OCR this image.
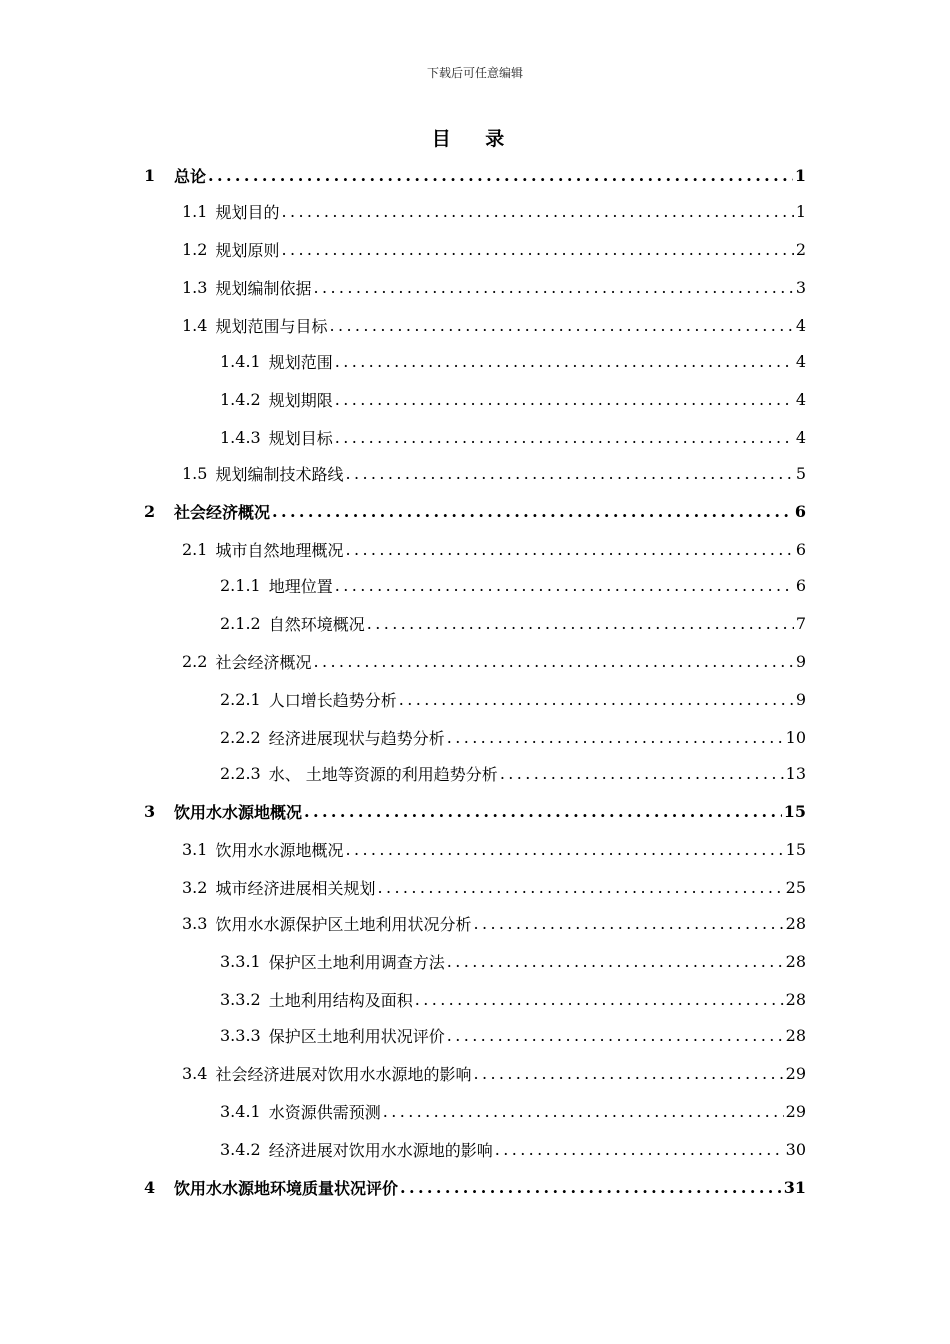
下载后可任意编辑
目 录
1	总论 .....	1
1.1 规划目的 .....	1
1.2 规划原则 .....	2
1.3 规划编制依据 .....	3
1.4 规划范围与目标 .....	4
1.4.1 规划范围 .....	4
1.4.2 规划期限 .....	4
1.4.3 规划目标 .....	4
1.5 规划编制技术路线 .....	5
2	社会经济概况 .....	6
2.1 城市自然地理概况 .....	6
2.1.1 地理位置 .....	6
2.1.2 自然环境概况 .....	7
2.2 社会经济概况 .....	9
2.2.1 人口增长趋势分析 .....	9
2.2.2 经济进展现状与趋势分析 .....	10
2.2.3 水、 土地等资源的利用趋势分析 .....	13
3	饮用水水源地概况 .....	15
3.1 饮用水水源地概况 .....	15
3.2 城市经济进展相关规划 .....	25
3.3 饮用水水源保护区土地利用状况分析 .....	28
3.3.1 保护区土地利用调查方法 .....	28
3.3.2 土地利用结构及面积 .....	28
3.3.3 保护区土地利用状况评价 .....	28
3.4 社会经济进展对饮用水水源地的影响 .....	29
3.4.1 水资源供需预测 .....	29
3.4.2 经济进展对饮用水水源地的影响 .....	30
4	饮用水水源地环境质量状况评价 .....	31
